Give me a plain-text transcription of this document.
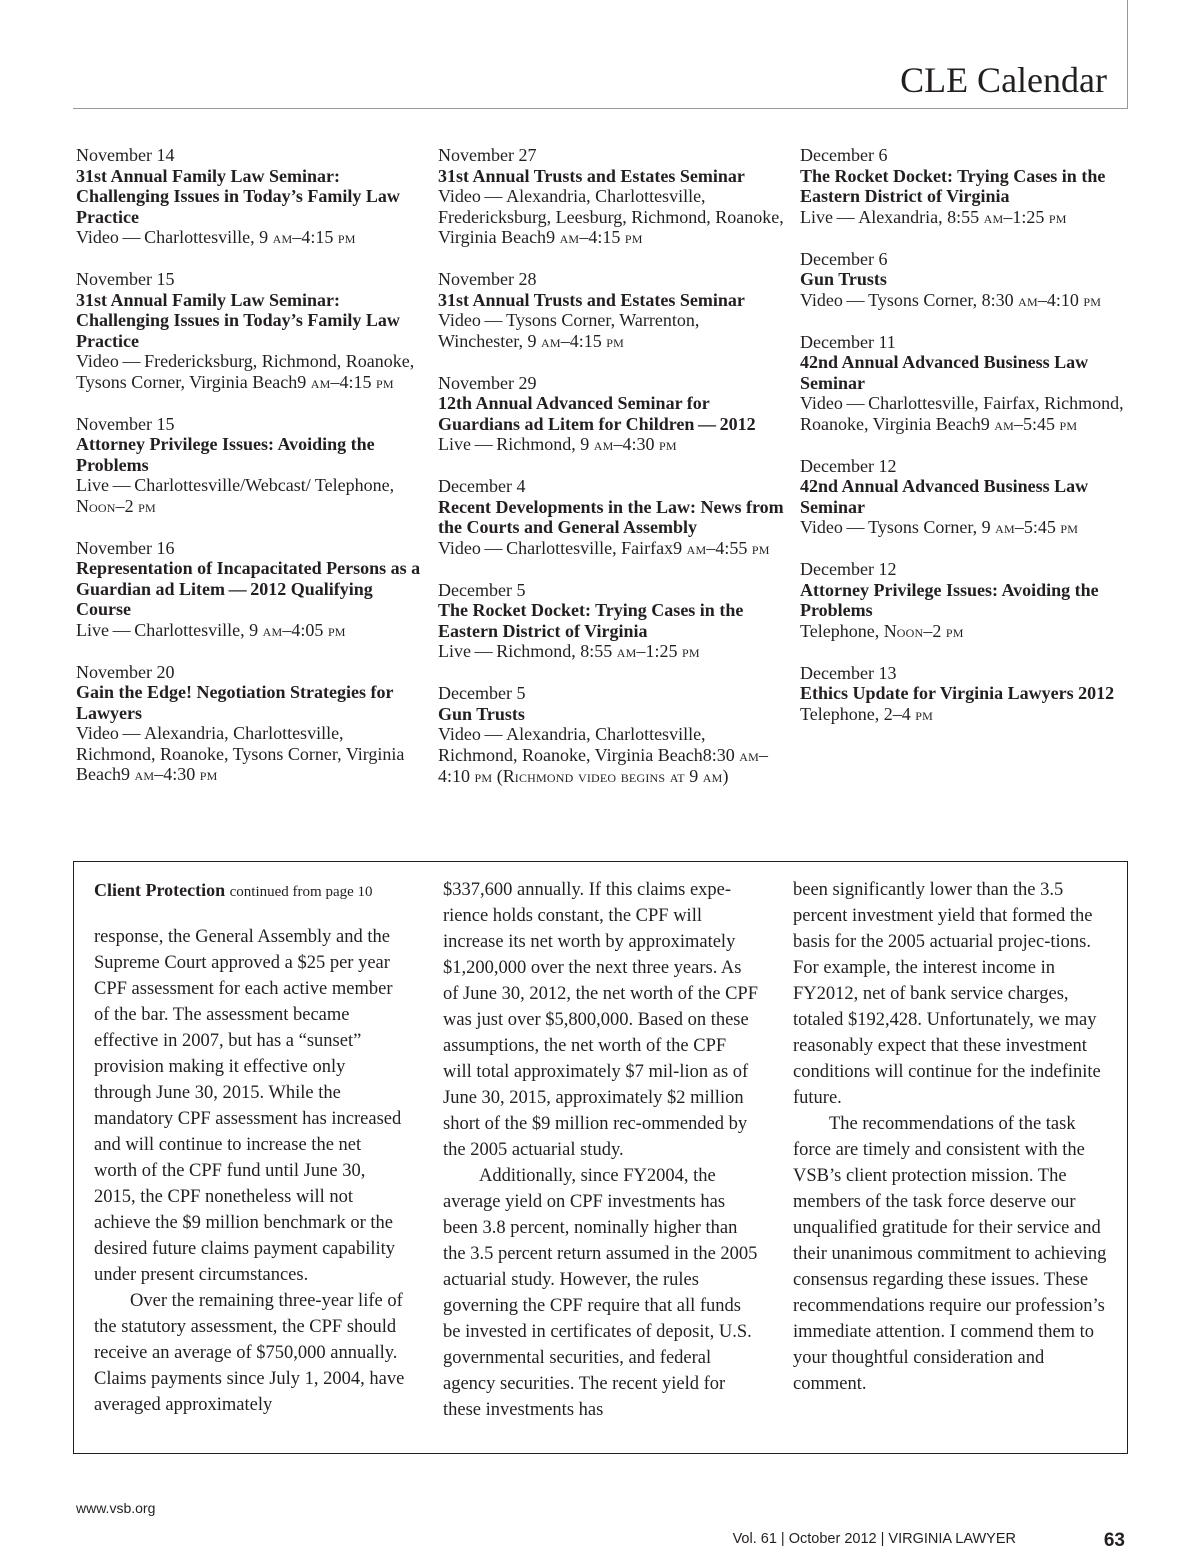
CLE Calendar
November 14
31st Annual Family Law Seminar: Challenging Issues in Today’s Family Law Practice
Video — Charlottesville, 9 am–4:15 pm
November 15
31st Annual Family Law Seminar: Challenging Issues in Today’s Family Law Practice
Video — Fredericksburg, Richmond, Roanoke, Tysons Corner, Virginia Beach9 am–4:15 pm
November 15
Attorney Privilege Issues: Avoiding the Problems
Live — Charlottesville/Webcast/ Telephone, Noon–2 pm
November 16
Representation of Incapacitated Persons as a Guardian ad Litem — 2012 Qualifying Course
Live — Charlottesville, 9 am–4:05 pm
November 20
Gain the Edge! Negotiation Strategies for Lawyers
Video — Alexandria, Charlottesville, Richmond, Roanoke, Tysons Corner, Virginia Beach9 am–4:30 pm
November 27
31st Annual Trusts and Estates Seminar
Video — Alexandria, Charlottesville, Fredericksburg, Leesburg, Richmond, Roanoke, Virginia Beach9 am–4:15 pm
November 28
31st Annual Trusts and Estates Seminar
Video — Tysons Corner, Warrenton, Winchester, 9 am–4:15 pm
November 29
12th Annual Advanced Seminar for Guardians ad Litem for Children — 2012
Live — Richmond, 9 am–4:30 pm
December 4
Recent Developments in the Law: News from the Courts and General Assembly
Video — Charlottesville, Fairfax9 am–4:55 pm
December 5
The Rocket Docket: Trying Cases in the Eastern District of Virginia
Live — Richmond, 8:55 am–1:25 pm
December 5
Gun Trusts
Video — Alexandria, Charlottesville, Richmond, Roanoke, Virginia Beach8:30 am–4:10 pm (Richmond video begins at 9 am)
December 6
The Rocket Docket: Trying Cases in the Eastern District of Virginia
Live — Alexandria, 8:55 am–1:25 pm
December 6
Gun Trusts
Video — Tysons Corner, 8:30 am–4:10 pm
December 11
42nd Annual Advanced Business Law Seminar
Video — Charlottesville, Fairfax, Richmond, Roanoke, Virginia Beach9 am–5:45 pm
December 12
42nd Annual Advanced Business Law Seminar
Video — Tysons Corner, 9 am–5:45 pm
December 12
Attorney Privilege Issues: Avoiding the Problems
Telephone, Noon–2 pm
December 13
Ethics Update for Virginia Lawyers 2012
Telephone, 2–4 pm
Client Protection continued from page 10

response, the General Assembly and the Supreme Court approved a $25 per year CPF assessment for each active member of the bar. The assessment became effective in 2007, but has a “sunset” provision making it effective only through June 30, 2015. While the mandatory CPF assessment has increased and will continue to increase the net worth of the CPF fund until June 30, 2015, the CPF nonetheless will not achieve the $9 million benchmark or the desired future claims payment capability under present circumstances.

Over the remaining three-year life of the statutory assessment, the CPF should receive an average of $750,000 annually. Claims payments since July 1, 2004, have averaged approximately

$337,600 annually. If this claims expe-rience holds constant, the CPF will increase its net worth by approximately $1,200,000 over the next three years. As of June 30, 2012, the net worth of the CPF was just over $5,800,000. Based on these assumptions, the net worth of the CPF will total approximately $7 mil-lion as of June 30, 2015, approximately $2 million short of the $9 million rec-ommended by the 2005 actuarial study.

Additionally, since FY2004, the average yield on CPF investments has been 3.8 percent, nominally higher than the 3.5 percent return assumed in the 2005 actuarial study. However, the rules governing the CPF require that all funds be invested in certificates of deposit, U.S. governmental securities, and federal agency securities. The recent yield for these investments has

been significantly lower than the 3.5 percent investment yield that formed the basis for the 2005 actuarial projec-tions. For example, the interest income in FY2012, net of bank service charges, totaled $192,428. Unfortunately, we may reasonably expect that these investment conditions will continue for the indefinite future.

The recommendations of the task force are timely and consistent with the VSB’s client protection mission. The members of the task force deserve our unqualified gratitude for their service and their unanimous commitment to achieving consensus regarding these issues. These recommendations require our profession’s immediate attention. I commend them to your thoughtful consideration and comment.

www.vsb.org
Vol. 61 | October 2012 | VIRGINIA LAWYER	63
